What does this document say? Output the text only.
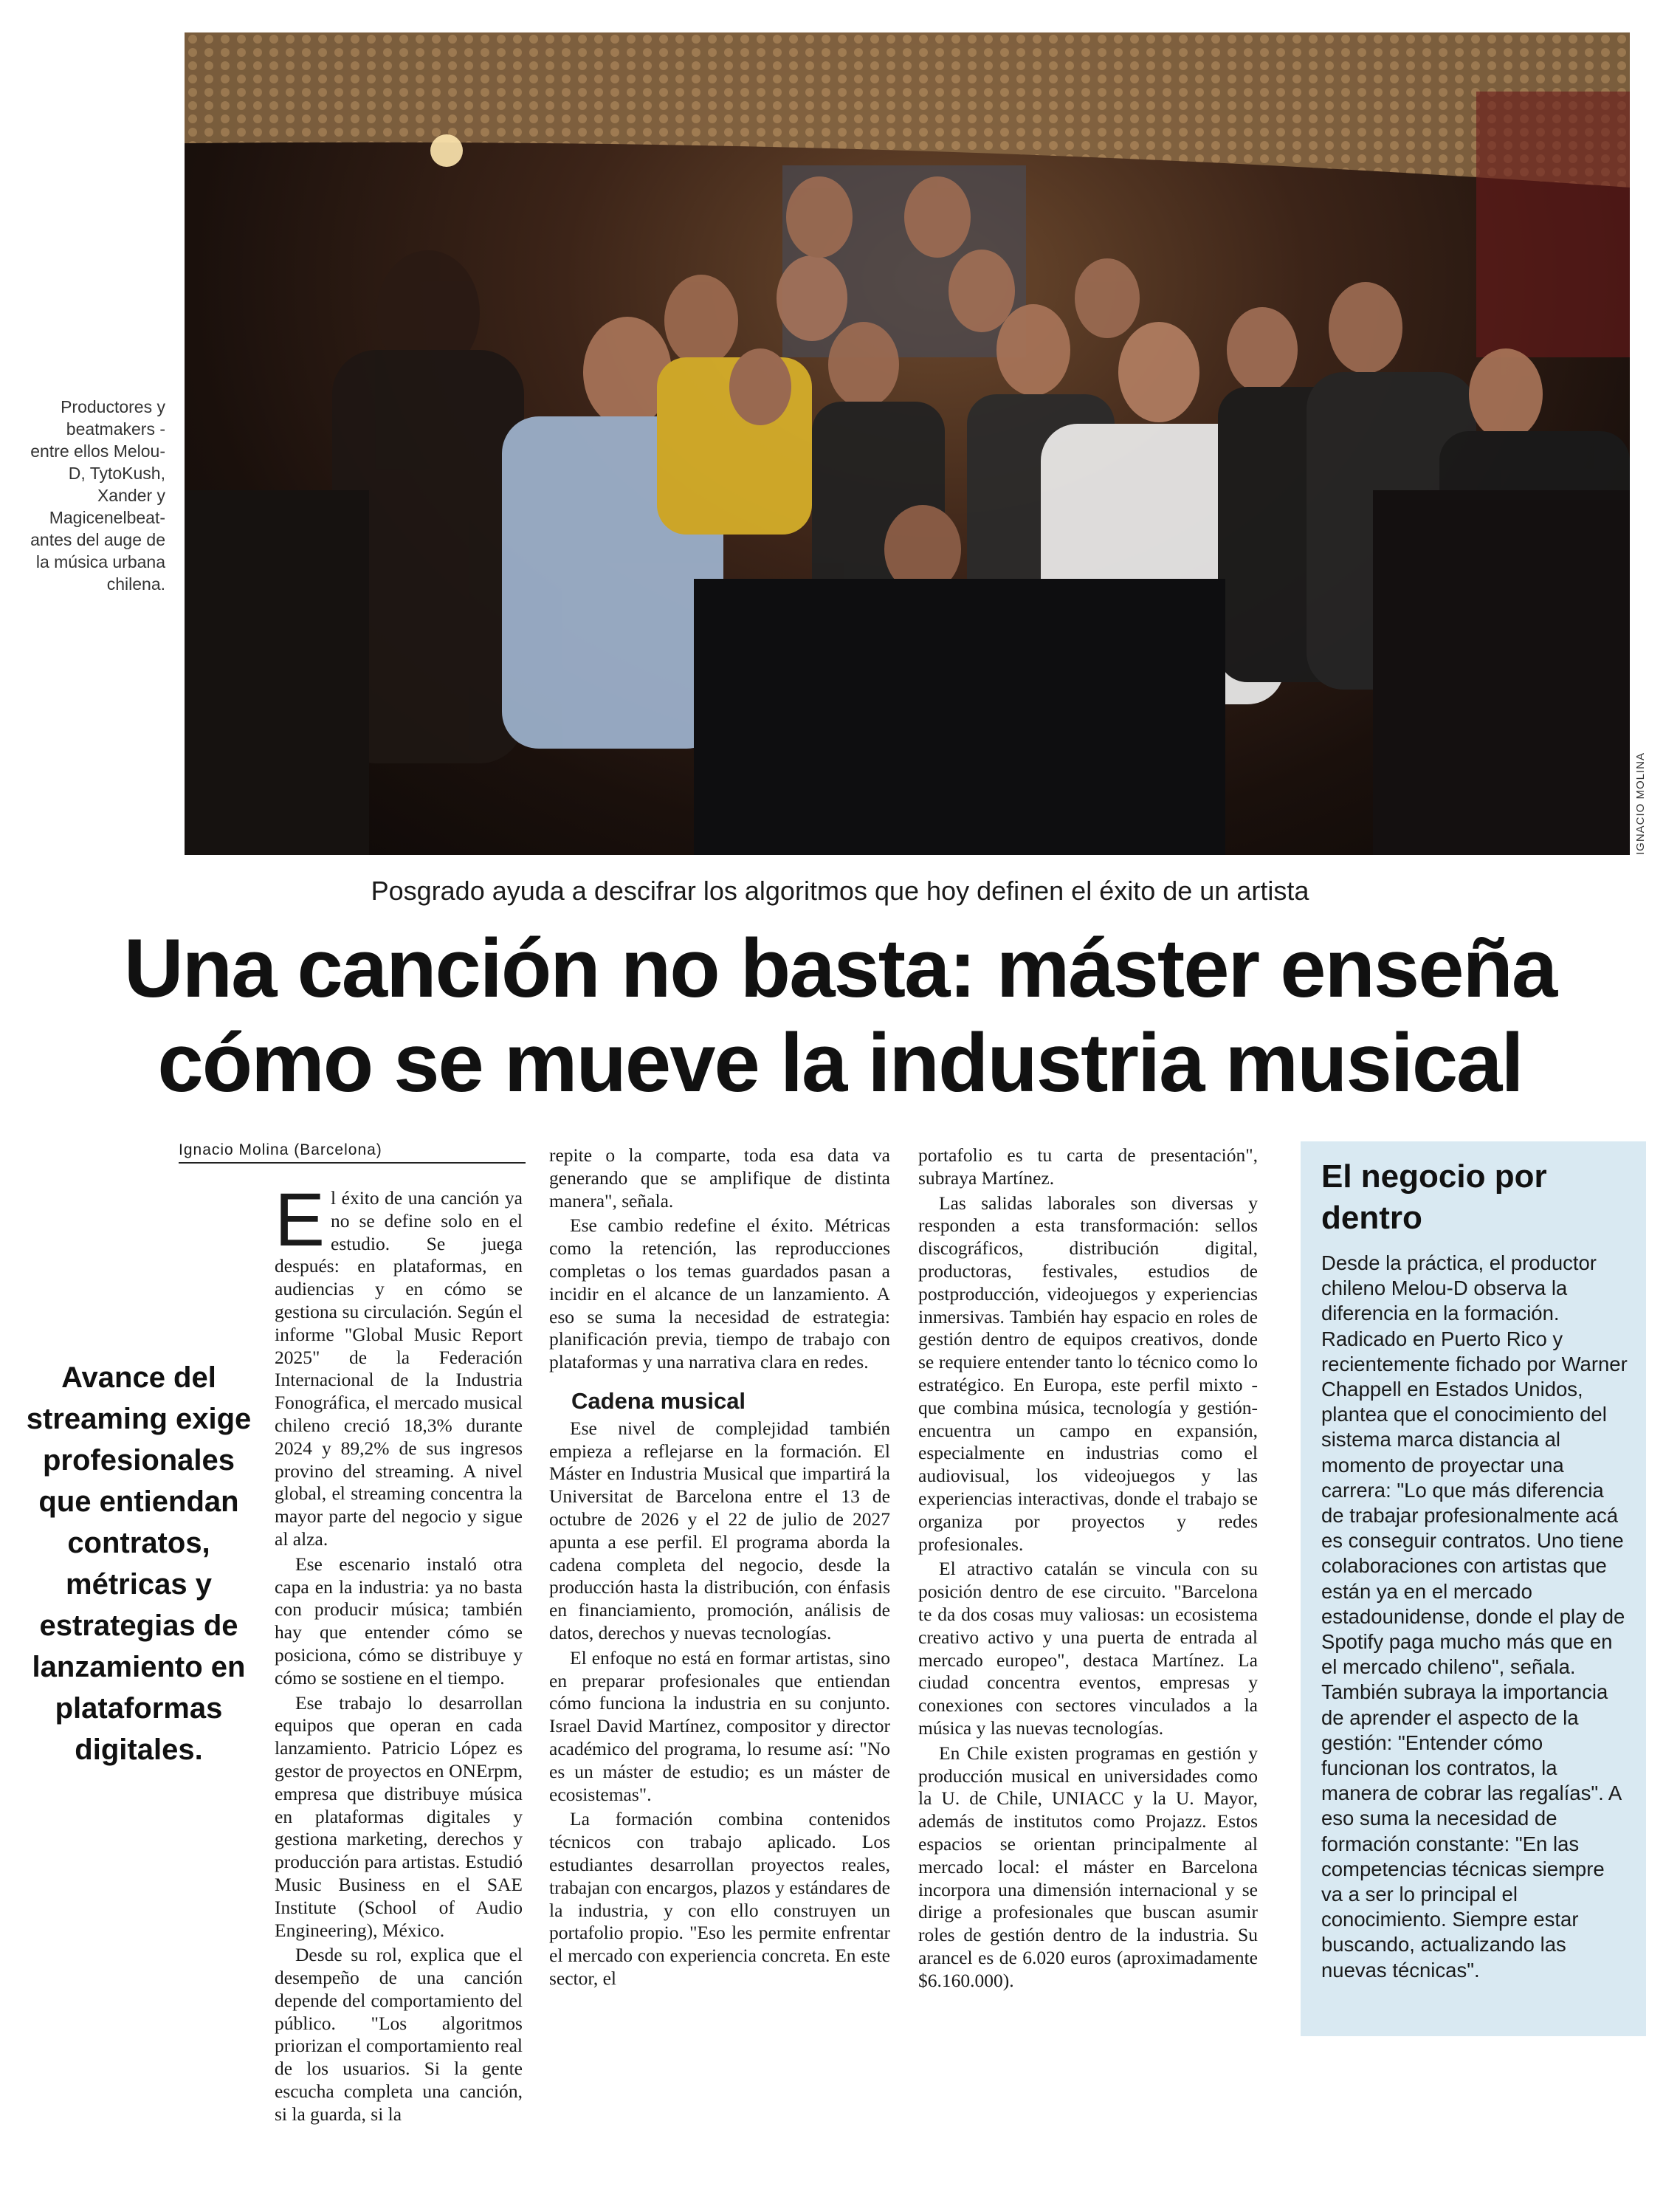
IGNACIO MOLINA
Productores y beatmakers -entre ellos Melou-D, TytoKush, Xander y Magicenelbeat-antes del auge de la música urbana chilena.
Posgrado ayuda a descifrar los algoritmos que hoy definen el éxito de un artista
Una canción no basta: máster enseña
cómo se mueve la industria musical
Ignacio Molina (Barcelona)

El éxito de una canción ya no se define solo en el estudio. Se juega después: en plataformas, en audiencias y en cómo se gestiona su circulación. Según el informe "Global Music Report 2025" de la Federación Internacional de la Industria Fonográfica, el mercado musical chileno creció 18,3% durante 2024 y 89,2% de sus ingresos provino del streaming. A nivel global, el streaming concentra la mayor parte del negocio y sigue al alza.

Ese escenario instaló otra capa en la industria: ya no basta con producir música; también hay que entender cómo se posiciona, cómo se distribuye y cómo se sostiene en el tiempo.

Ese trabajo lo desarrollan equipos que operan en cada lanzamiento. Patricio López es gestor de proyectos en ONErpm, empresa que distribuye música en plataformas digitales y gestiona marketing, derechos y producción para artistas. Estudió Music Business en el SAE Institute (School of Audio Engineering), México.

Desde su rol, explica que el desempeño de una canción depende del comportamiento del público. "Los algoritmos priorizan el comportamiento real de los usuarios. Si la gente escucha completa una canción, si la guarda, si la

Avance del streaming exige profesionales que entiendan contratos, métricas y estrategias de lanzamiento en plataformas digitales.

repite o la comparte, toda esa data va generando que se amplifique de distinta manera", señala.

Ese cambio redefine el éxito. Métricas como la retención, las reproducciones completas o los temas guardados pasan a incidir en el alcance de un lanzamiento. A eso se suma la necesidad de estrategia: planificación previa, tiempo de trabajo con plataformas y una narrativa clara en redes.

Cadena musical

Ese nivel de complejidad también empieza a reflejarse en la formación. El Máster en Industria Musical que impartirá la Universitat de Barcelona entre el 13 de octubre de 2026 y el 22 de julio de 2027 apunta a ese perfil. El programa aborda la cadena completa del negocio, desde la producción hasta la distribución, con énfasis en financiamiento, promoción, análisis de datos, derechos y nuevas tecnologías.

El enfoque no está en formar artistas, sino en preparar profesionales que entiendan cómo funciona la industria en su conjunto. Israel David Martínez, compositor y director académico del programa, lo resume así: "No es un máster de estudio; es un máster de ecosistemas".

La formación combina contenidos técnicos con trabajo aplicado. Los estudiantes desarrollan proyectos reales, trabajan con encargos, plazos y estándares de la industria, y con ello construyen un portafolio propio. "Eso les permite enfrentar el mercado con experiencia concreta. En este sector, el

portafolio es tu carta de presentación", subraya Martínez.

Las salidas laborales son diversas y responden a esta transformación: sellos discográficos, distribución digital, productoras, festivales, estudios de postproducción, videojuegos y experiencias inmersivas. También hay espacio en roles de gestión dentro de equipos creativos, donde se requiere entender tanto lo técnico como lo estratégico. En Europa, este perfil mixto -que combina música, tecnología y gestión- encuentra un campo en expansión, especialmente en industrias como el audiovisual, los videojuegos y las experiencias interactivas, donde el trabajo se organiza por proyectos y redes profesionales.

El atractivo catalán se vincula con su posición dentro de ese circuito. "Barcelona te da dos cosas muy valiosas: un ecosistema creativo activo y una puerta de entrada al mercado europeo", destaca Martínez. La ciudad concentra eventos, empresas y conexiones con sectores vinculados a la música y las nuevas tecnologías.

En Chile existen programas en gestión y producción musical en universidades como la U. de Chile, UNIACC y la U. Mayor, además de institutos como Projazz. Estos espacios se orientan principalmente al mercado local: el máster en Barcelona incorpora una dimensión internacional y se dirige a profesionales que buscan asumir roles de gestión dentro de la industria. Su arancel es de 6.020 euros (aproximadamente $6.160.000).

El negocio por dentro

Desde la práctica, el productor chileno Melou-D observa la diferencia en la formación. Radicado en Puerto Rico y recientemente fichado por Warner Chappell en Estados Unidos, plantea que el conocimiento del sistema marca distancia al momento de proyectar una carrera: "Lo que más diferencia de trabajar profesionalmente acá es conseguir contratos. Uno tiene colaboraciones con artistas que están ya en el mercado estadounidense, donde el play de Spotify paga mucho más que en el mercado chileno", señala. También subraya la importancia de aprender el aspecto de la gestión: "Entender cómo funcionan los contratos, la manera de cobrar las regalías". A eso suma la necesidad de formación constante: "En las competencias técnicas siempre va a ser lo principal el conocimiento. Siempre estar buscando, actualizando las nuevas técnicas".
